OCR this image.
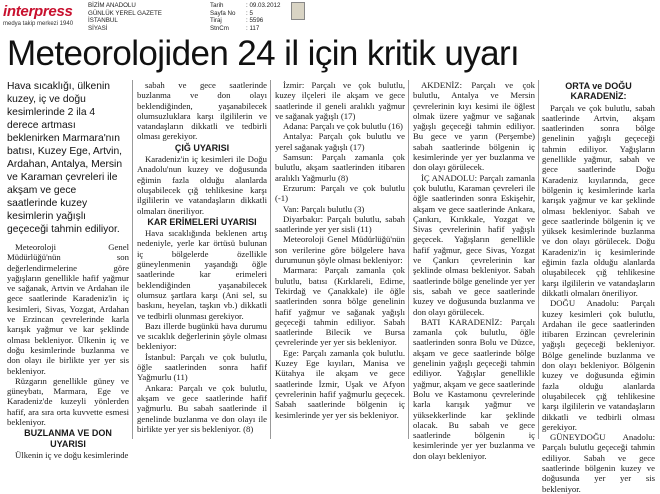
interpress
medya takip merkezi 1940
BİZİM ANADOLU
GÜNLÜK YEREL GAZETE
İSTANBUL
SİYASİ
Tarih	: 09.03.2012
Sayfa No	: 5
Tiraj	: 5596
StnCm	: 117
Meteorolojiden 24 il için kritik uyarı

Hava sıcaklığı, ülkenin kuzey, iç ve doğu kesimlerinde 2 ila 4 derece artması beklenirken Marmara'nın batısı, Kuzey Ege, Artvin, Ardahan, Antalya, Mersin ve Karaman çevreleri ile akşam ve gece saatlerinde kuzey kesimlerin yağışlı geçeceği tahmin ediliyor.

Meteoroloji Genel Müdürlüğü'nün son değerlendirmelerine göre yağışların genellikle hafif yağmur ve sağanak, Artvin ve Ardahan ile gece saatlerinde Karadeniz'in iç kesimleri, Sivas, Yozgat, Ardahan ve Erzincan çevrelerinde karla karışık yağmur ve kar şeklinde olması bekleniyor. Ülkenin iç ve doğu kesimlerinde buzlanma ve don olayı ile birlikte yer yer sis bekleniyor.

Rüzgarın genellikle güney ve güneybatı, Marmara, Ege ve Karadeniz'de kuzeyli yönlerden hafif, ara sıra orta kuvvette esmesi bekleniyor.

BUZLANMA VE DON UYARISI

Ülkenin iç ve doğu kesimlerinde

sabah ve gece saatlerinde buzlanma ve don olayı beklendiğinden, yaşanabilecek olumsuzluklara karşı ilgililerin ve vatandaşların dikkatli ve tedbirli olması gerekiyor.

ÇIĞ UYARISI

Karadeniz'in iç kesimleri ile Doğu Anadolu'nun kuzey ve doğusunda eğimin fazla olduğu alanlarda oluşabilecek çığ tehlikesine karşı ilgililerin ve vatandaşların dikkatli olmaları öneriliyor.

KAR ERİMELERİ UYARISI

Hava sıcaklığında beklenen artış nedeniyle, yerle kar örtüsü bulunan iç bölgelerde özellikle güneylenmenin yaşandığı öğle saatlerinde kar erimeleri beklendiğinden yaşanabilecek olumsuz şartlara karşı (Ani sel, su baskını, heyelan, taşkın vb.) dikkatli ve tedbirli olunması gerekiyor.

Bazı illerde bugünkü hava durumu ve sıcaklık değerlerinin şöyle olması bekleniyor:

İstanbul: Parçalı ve çok bulutlu, öğle saatlerinden sonra hafif Yağmurlu (11)

Ankara: Parçalı ve çok bulutlu, akşam ve gece saatlerinde hafif yağmurlu. Bu sabah saatlerinde il genelinde buzlanma ve don olayı ile birlikte yer yer sis bekleniyor. (8)

İzmir: Parçalı ve çok bulutlu, kuzey ilçeleri ile akşam ve gece saatlerinde il geneli aralıklı yağmur ve sağanak yağışlı (17)

Adana: Parçalı ve çok bulutlu (16)

Antalya: Parçalı çok bulutlu ve yerel sağanak yağışlı (17)

Samsun: Parçalı zamanla çok bulutlu, akşam saatlerinden itibaren aralıklı Yağmurlu (8)

Erzurum: Parçalı ve çok bulutlu (-1)

Van: Parçalı bulutlu (3)

Diyarbakır: Parçalı bulutlu, sabah saatlerinde yer yer sisli (11)

Meteoroloji Genel Müdürlüğü'nün son verilerine göre bölgelere hava durumunun şöyle olması bekleniyor:

Marmara: Parçalı zamanla çok bulutlu, batısı (Kırklareli, Edirne, Tekirdağ ve Çanakkale) ile öğle saatlerinden sonra bölge genelinin hafif yağmur ve sağanak yağışlı geçeceği tahmin ediliyor. Sabah saatlerinde Bilecik ve Bursa çevrelerinde yer yer sis bekleniyor.

Ege: Parçalı zamanla çok bulutlu. Kuzey Ege kıyıları, Manisa ve Kütahya ile akşam ve gece saatlerinde İzmir, Uşak ve Afyon çevrelerinin hafif yağmurlu geçecek. Sabah saatlerinde bölgenin iç kesimlerinde yer yer sis bekleniyor.

AKDENİZ: Parçalı ve çok bulutlu, Antalya ve Mersin çevrelerinin kıyı kesimi ile öğlest olmak üzere yağmur ve sağanak yağışlı geçeceği tahmin ediliyor. Bu gece ve yarın (Perşembe) sabah saatlerinde bölgenin iç kesimlerinde yer yer buzlanma ve don olayı görülecek.

İÇ ANADOLU: Parçalı zamanla çok bulutlu, Karaman çevreleri ile öğle saatlerinden sonra Eskişehir, akşam ve gece saatlerinde Ankara, Çankırı, Kırıkkale, Yozgat ve Sivas çevrelerinin hafif yağışlı geçecek. Yağışların genellikle hafif yağmur, gece Sivas, Yozgat ve Çankırı çevrelerinin kar şeklinde olması bekleniyor. Sabah saatlerinde bölge genelinde yer yer sis, sabah ve gece saatlerinde kuzey ve doğusunda buzlanma ve don olayı görülecek.

BATI KARADENİZ: Parçalı zamanla çok bulutlu, öğle saatlerinden sonra Bolu ve Düzce, akşam ve gece saatlerinde bölge genelinin yağışlı geçeceği tahmin ediliyor. Yağışlar genellikle yağmur, akşam ve gece saatlerinde Bolu ve Kastamonu çevrelerinde karla karışık yağmur ve yüksekkerlinde kar şeklinde olacak. Bu sabah ve gece saatlerinde bölgenin iç kesimlerinde yer yer buzlanma ve don olayı bekleniyor.

ORTA ve DOĞU KARADENİZ:

Parçalı ve çok bulutlu, sabah saatlerinde Artvin, akşam saatlerinden sonra bölge genelinin yağışlı geçeceği tahmin ediliyor. Yağışların genellikle yağmur, sabah ve gece saatlerinde Doğu Karadeniz kıyılarında, gece bölgenin iç kesimlerinde karla karışık yağmur ve kar şeklinde olması bekleniyor. Sabah ve gece saatlerinde bölgenin iç ve yüksek kesimlerinde buzlanma ve don olayı görülecek. Doğu Karadeniz'in iç kesimlerinde eğimin fazla olduğu alanlarda oluşabilecek çığ tehlikesine karşı ilgililerin ve vatandaşların dikkatli olmaları öneriliyor.

DOĞU Anadolu: Parçalı kuzey kesimleri çok bulutlu, Ardahan ile gece saatlerinden itibaren Erzincan çevrelerinin yağışlı geçeceği bekleniyor. Bölge genelinde buzlanma ve don olayı bekleniyor. Bölgenin kuzey ve doğusunda eğimin fazla olduğu alanlarda oluşabilecek çığ tehlikesine karşı ilgililerin ve vatandaşların dikkatli ve tedbirli olması gerekiyor.

GÜNEYDOĞU Anadolu: Parçalı bulutlu geçeceği tahmin ediliyor. Sabah ve gece saatlerinde bölgenin kuzey ve doğusunda yer yer sis bekleniyor.
